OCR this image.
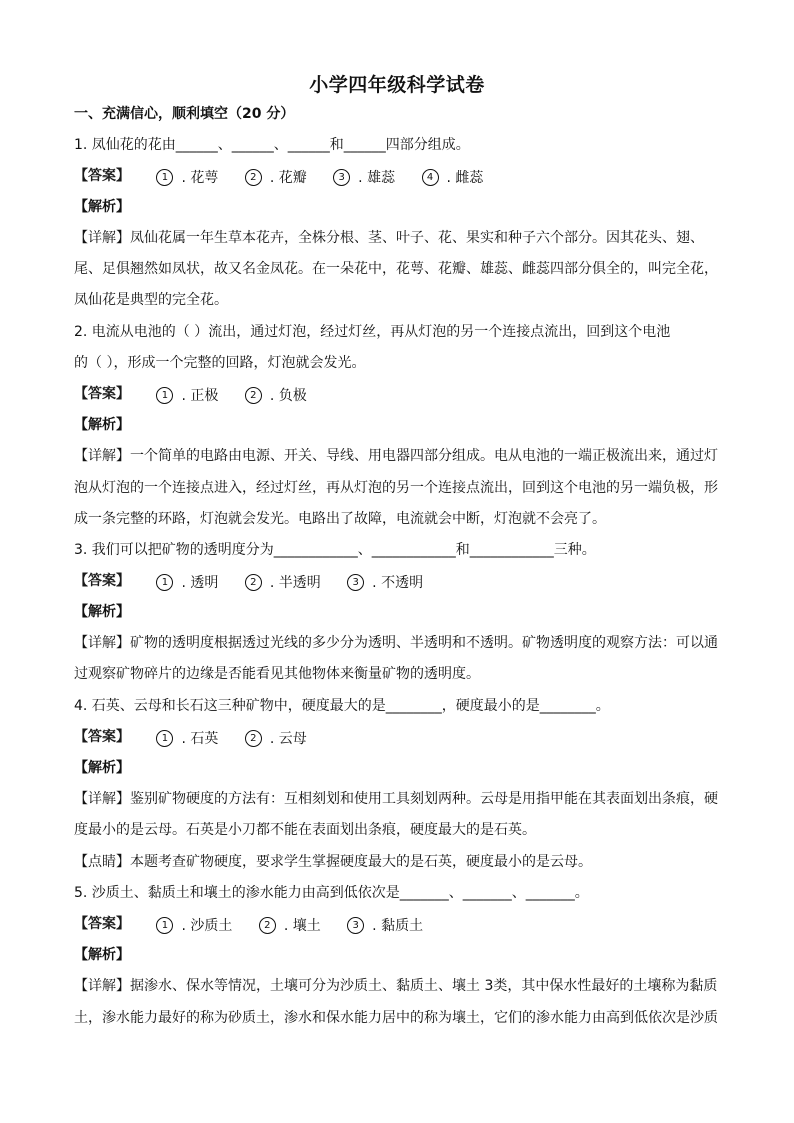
小学四年级科学试卷
一、充满信心，顺利填空（20 分）
1. 凤仙花的花由______、______、______和______四部分组成。
【答案】	1 . 花萼
	2 . 花瓣
	3 . 雄蕊
	4 . 雌蕊
【解析】
【详解】凤仙花属一年生草本花卉，全株分根、茎、叶子、花、果实和种子六个部分。因其花头、翅、
尾、足俱翘然如凤状，故又名金凤花。在一朵花中，花萼、花瓣、雄蕊、雌蕊四部分俱全的，叫完全花，
凤仙花是典型的完全花。
2. 电流从电池的（ ）流出，通过灯泡，经过灯丝，再从灯泡的另一个连接点流出，回到这个电池
的（ ），形成一个完整的回路，灯泡就会发光。
【答案】	1 . 正极
	2 . 负极
【解析】
【详解】一个简单的电路由电源、开关、导线、用电器四部分组成。电从电池的一端正极流出来，通过灯
泡从灯泡的一个连接点进入，经过灯丝，再从灯泡的另一个连接点流出，回到这个电池的另一端负极，形
成一条完整的环路，灯泡就会发光。电路出了故障，电流就会中断，灯泡就不会亮了。
3. 我们可以把矿物的透明度分为____________、____________和____________三种。
【答案】	1 . 透明
	2 . 半透明
	3 . 不透明
【解析】
【详解】矿物的透明度根据透过光线的多少分为透明、半透明和不透明。矿物透明度的观察方法：可以通
过观察矿物碎片的边缘是否能看见其他物体来衡量矿物的透明度。
4. 石英、云母和长石这三种矿物中，硬度最大的是________，硬度最小的是________。
【答案】	1 . 石英
	2 . 云母
【解析】
【详解】鉴别矿物硬度的方法有：互相刻划和使用工具刻划两种。云母是用指甲能在其表面划出条痕，硬
度最小的是云母。石英是小刀都不能在表面划出条痕，硬度最大的是石英。
【点睛】本题考查矿物硬度，要求学生掌握硬度最大的是石英，硬度最小的是云母。
5. 沙质土、黏质土和壤土的渗水能力由高到低依次是_______、_______、_______。
【答案】	1 . 沙质土
	2 . 壤土
	3 . 黏质土
【解析】
【详解】据渗水、保水等情况，土壤可分为沙质土、黏质土、壤土 3类，其中保水性最好的土壤称为黏质
土，渗水能力最好的称为砂质土，渗水和保水能力居中的称为壤土，它们的渗水能力由高到低依次是沙质
